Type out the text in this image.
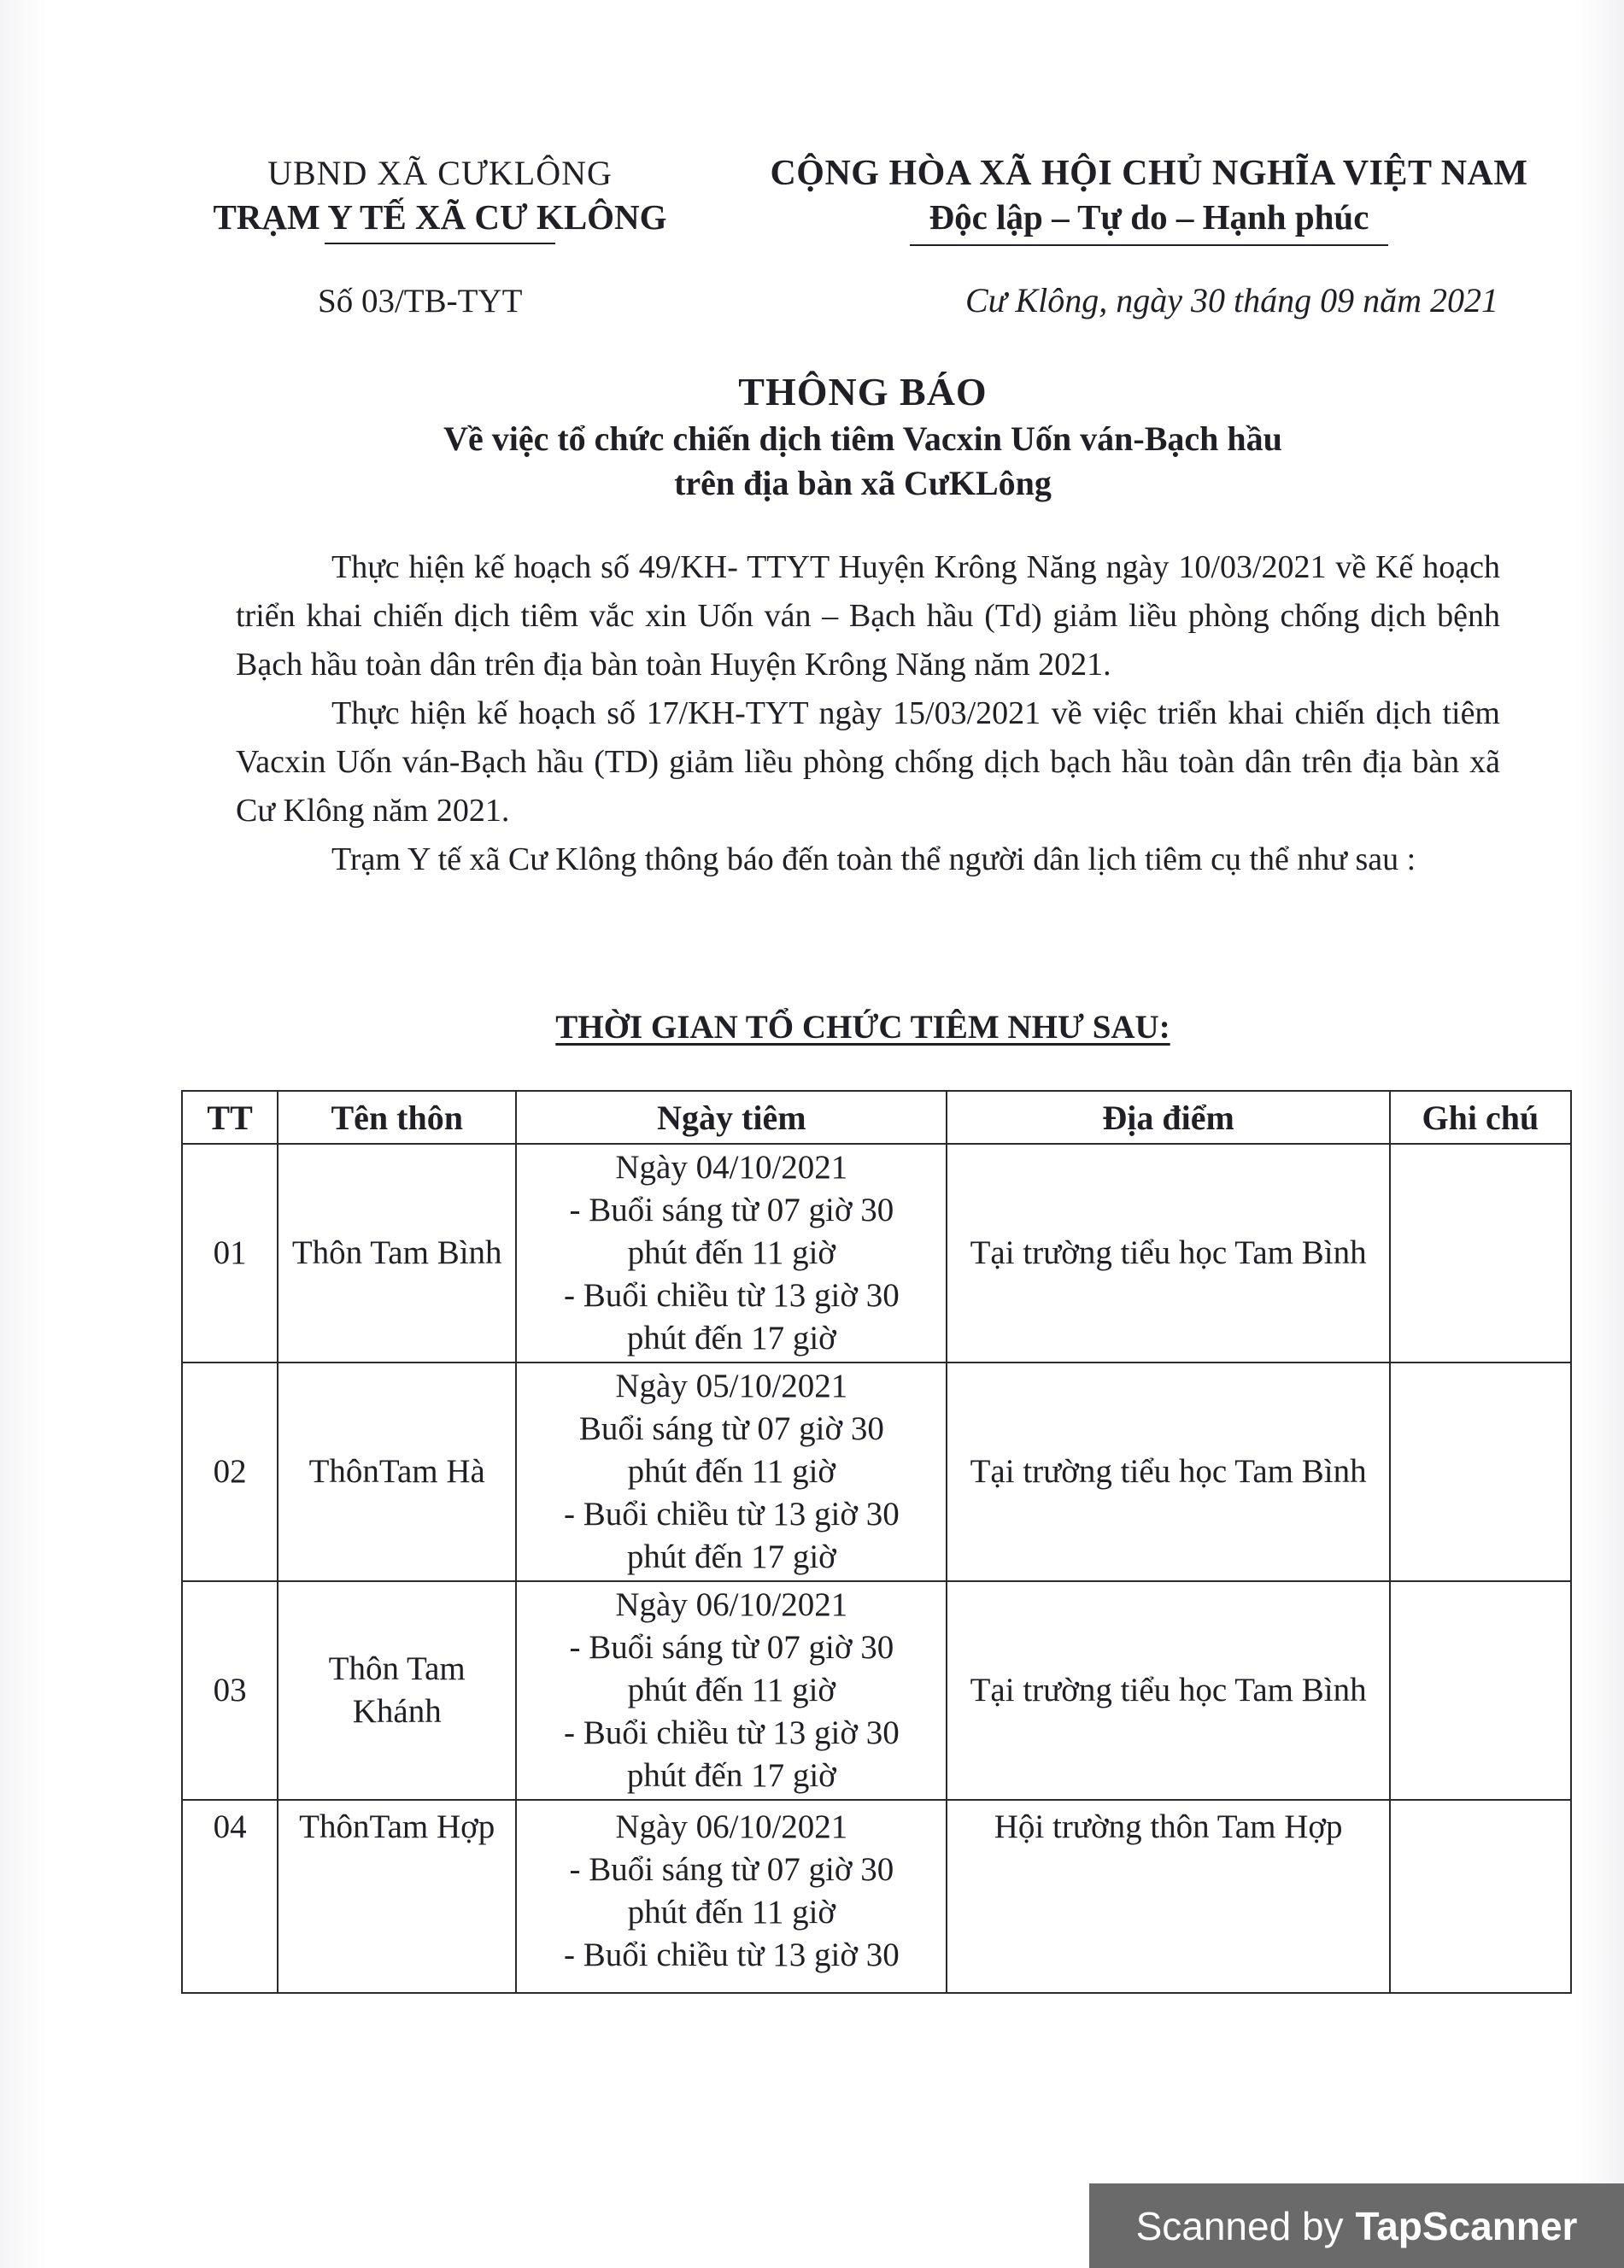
UBND XÃ CƯKLÔNG
TRẠM Y TẾ XÃ CƯ KLÔNG
CỘNG HÒA XÃ HỘI CHỦ NGHĨA VIỆT NAM
Độc lập – Tự do – Hạnh phúc
Số 03/TB-TYT	Cư Klông, ngày 30 tháng 09 năm 2021
THÔNG BÁO
Về việc tổ chức chiến dịch tiêm Vacxin Uốn ván-Bạch hầu
trên địa bàn xã CưKLông

Thực hiện kế hoạch số 49/KH- TTYT Huyện Krông Năng ngày 10/03/2021 về Kế hoạch triển khai chiến dịch tiêm vắc xin Uốn ván – Bạch hầu (Td) giảm liều phòng chống dịch bệnh Bạch hầu toàn dân trên địa bàn toàn Huyện Krông Năng năm 2021.

Thực hiện kế hoạch số 17/KH-TYT ngày 15/03/2021 về việc triển khai chiến dịch tiêm Vacxin Uốn ván-Bạch hầu (TD) giảm liều phòng chống dịch bạch hầu toàn dân trên địa bàn xã Cư Klông năm 2021.

Trạm Y tế xã Cư Klông thông báo đến toàn thể người dân lịch tiêm cụ thể như sau :

THỜI GIAN TỔ CHỨC TIÊM NHƯ SAU:
TT	Tên thôn	Ngày tiêm	Địa điểm	Ghi chú
01	Thôn Tam Bình	Ngày 04/10/2021
- Buổi sáng từ 07 giờ 30
phút đến 11 giờ
- Buổi chiều từ 13 giờ 30
phút đến 17 giờ	Tại trường tiểu học Tam Bình	
02	ThônTam Hà	Ngày 05/10/2021
Buổi sáng từ 07 giờ 30
phút đến 11 giờ
- Buổi chiều từ 13 giờ 30
phút đến 17 giờ	Tại trường tiểu học Tam Bình	
03	Thôn Tam Khánh	Ngày 06/10/2021
- Buổi sáng từ 07 giờ 30
phút đến 11 giờ
- Buổi chiều từ 13 giờ 30
phút đến 17 giờ	Tại trường tiểu học Tam Bình	
04	ThônTam Hợp	Ngày 06/10/2021
- Buổi sáng từ 07 giờ 30
phút đến 11 giờ
- Buổi chiều từ 13 giờ 30	Hội trường thôn Tam Hợp	
Scanned by TapScanner
